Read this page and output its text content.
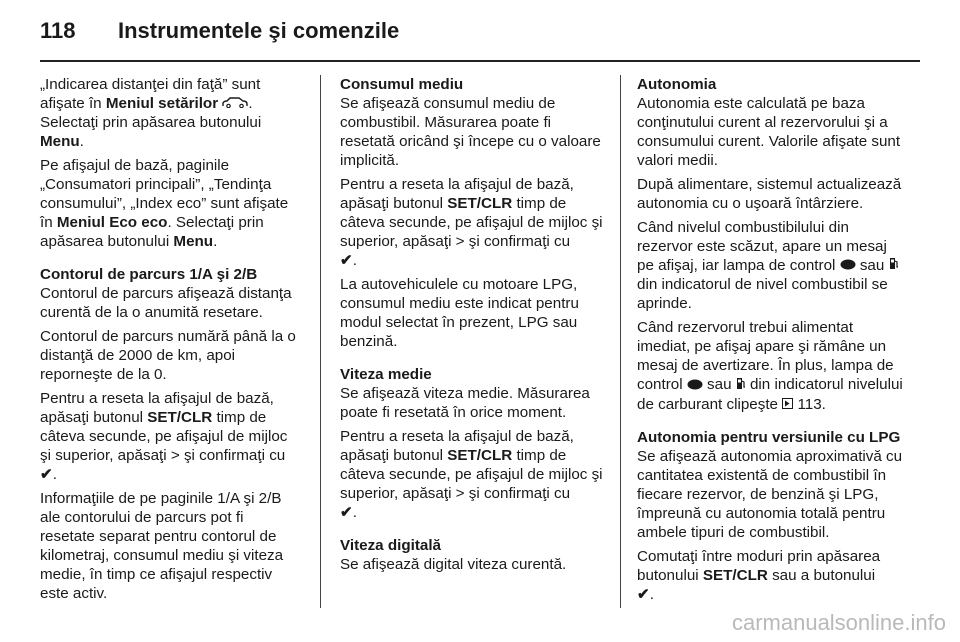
118 Instrumentele şi comenzile

„Indicarea distanţei din faţă” sunt afişate în Meniul setărilor .
Selectaţi prin apăsarea butonului Menu.

Pe afişajul de bază, paginile „Consumatori principali”, „Tendinţa consumului”, „Index eco” sunt afişate în Meniul Eco eco. Selectaţi prin apăsarea butonului Menu.

Contorul de parcurs 1/A şi 2/B

Contorul de parcurs afişează distanţa curentă de la o anumită resetare.

Contorul de parcurs numără până la o distanţă de 2000 de km, apoi reporneşte de la 0.

Pentru a reseta la afişajul de bază, apăsaţi butonul SET/CLR timp de câteva secunde, pe afişajul de mijloc şi superior, apăsaţi > şi confirmaţi cu
✔.

Informaţiile de pe paginile 1/A şi 2/B ale contorului de parcurs pot fi resetate separat pentru contorul de kilometraj, consumul mediu şi viteza medie, în timp ce afişajul respectiv este activ.

Consumul mediu

Se afişează consumul mediu de combustibil. Măsurarea poate fi resetată oricând şi începe cu o valoare implicită.

Pentru a reseta la afişajul de bază, apăsaţi butonul SET/CLR timp de câteva secunde, pe afişajul de mijloc şi superior, apăsaţi > şi confirmaţi cu
✔.

La autovehiculele cu motoare LPG, consumul mediu este indicat pentru modul selectat în prezent, LPG sau benzină.

Viteza medie

Se afişează viteza medie. Măsurarea poate fi resetată în orice moment.

Pentru a reseta la afişajul de bază, apăsaţi butonul SET/CLR timp de câteva secunde, pe afişajul de mijloc şi superior, apăsaţi > şi confirmaţi cu
✔.

Viteza digitală

Se afişează digital viteza curentă.

Autonomia

Autonomia este calculată pe baza conţinutului curent al rezervorului şi a consumului curent. Valorile afişate sunt valori medii.

După alimentare, sistemul actualizează autonomia cu o uşoară întârziere.

Când nivelul combustibilului din rezervor este scăzut, apare un mesaj pe afişaj, iar lampa de control  sau  din indicatorul de nivel combustibil se aprinde.

Când rezervorul trebui alimentat imediat, pe afişaj apare şi rămâne un mesaj de avertizare. În plus, lampa de control  sau  din indicatorul nivelului de carburant clipeşte  113.

Autonomia pentru versiunile cu LPG

Se afişează autonomia aproximativă cu cantitatea existentă de combustibil în fiecare rezervor, de benzină şi LPG, împreună cu autonomia totală pentru ambele tipuri de combustibil.

Comutaţi între moduri prin apăsarea butonului SET/CLR sau a butonului
✔.

carmanualsonline.info
